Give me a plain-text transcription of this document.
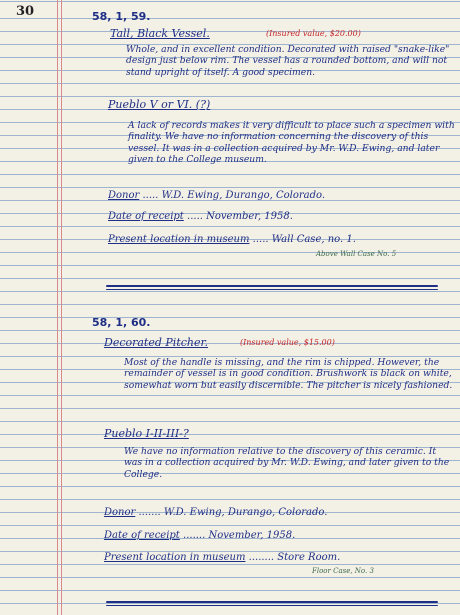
30	58, 1, 59.
Tall, Black Vessel.	(Insured value, $20.00)
Whole, and in excellent condition. Decorated with raised "snake-like" design just below rim. The vessel has a rounded bottom, and will not stand upright of itself. A good specimen.
Pueblo V or VI. (?)
A lack of records makes it very difficult to place such a specimen with finality. We have no information concerning the discovery of this vessel. It was in a collection acquired by Mr. W.D. Ewing, and later given to the College museum.
Donor ..... W.D. Ewing, Durango, Colorado.
Date of receipt ..... November, 1958.
Present location in museum ..... Wall Case, no. 1.
Above Wall Case No. 5
58, 1, 60.
Decorated Pitcher.	(Insured value, $15.00)
Most of the handle is missing, and the rim is chipped. However, the remainder of vessel is in good condition. Brushwork is black on white, somewhat worn but easily discernible. The pitcher is nicely fashioned.
Pueblo I-II-III-?
We have no information relative to the discovery of this ceramic. It was in a collection acquired by Mr. W.D. Ewing, and later given to the College.
Donor ....... W.D. Ewing, Durango, Colorado.
Date of receipt ....... November, 1958.
Present location in museum ........ Store Room.
Floor Case, No. 3
